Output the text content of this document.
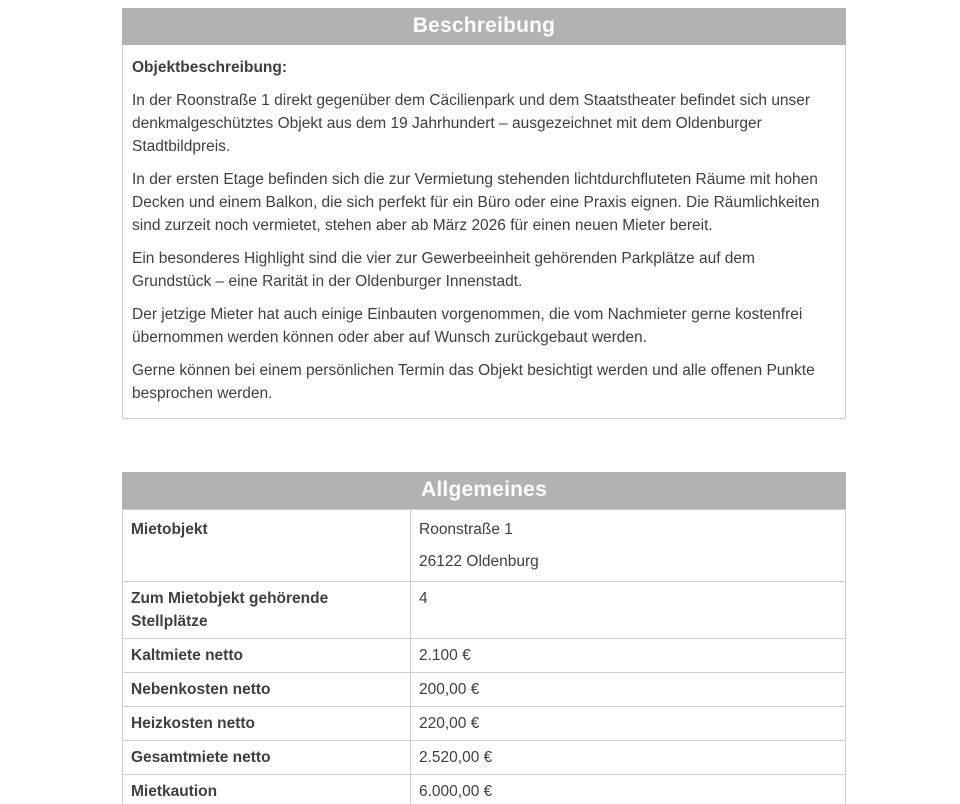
Beschreibung

Objektbeschreibung:

In der Roonstraße 1 direkt gegenüber dem Cäcilienpark und dem Staatstheater befindet sich unser denkmalgeschütztes Objekt aus dem 19 Jahrhundert – ausgezeichnet mit dem Oldenburger Stadtbildpreis.

In der ersten Etage befinden sich die zur Vermietung stehenden lichtdurchfluteten Räume mit hohen Decken und einem Balkon, die sich perfekt für ein Büro oder eine Praxis eignen. Die Räumlichkeiten sind zurzeit noch vermietet, stehen aber ab März 2026 für einen neuen Mieter bereit.

Ein besonderes Highlight sind die vier zur Gewerbeeinheit gehörenden Parkplätze auf dem Grundstück – eine Rarität in der Oldenburger Innenstadt.

Der jetzige Mieter hat auch einige Einbauten vorgenommen, die vom Nachmieter gerne kostenfrei übernommen werden können oder aber auf Wunsch zurückgebaut werden.

Gerne können bei einem persönlichen Termin das Objekt besichtigt werden und alle offenen Punkte besprochen werden.

Allgemeines
Mietobjekt	Roonstraße 1
26122 Oldenburg

Zum Mietobjekt gehörende Stellplätze	4

Kaltmiete netto	2.100 €

Nebenkosten netto	200,00 €

Heizkosten netto	220,00 €

Gesamtmiete netto	2.520,00 €

Mietkaution	6.000,00 €
